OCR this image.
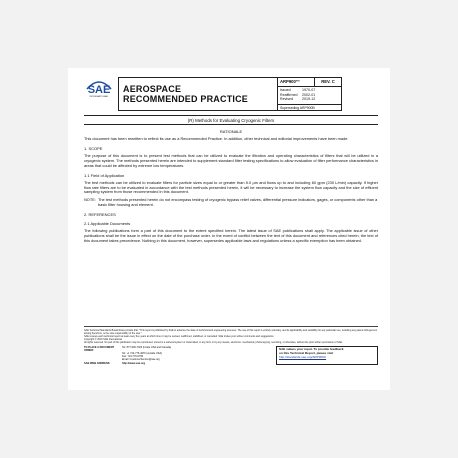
SAE
INTERNATIONAL
AEROSPACE
RECOMMENDED PRACTICE
ARP900™	REV. C
Issued	1970-07
Reaffirmed	2002-01
Revised	2019-12
Superseding ARP900B
(R) Methods for Evaluating Cryogenic Filters
RATIONALE

This document has been rewritten to reflect its use as a Recommended Practice. In addition, other technical and editorial improvements have been made.

1. SCOPE

The purpose of this document is to present test methods that can be utilized to evaluate the filtration and operating characteristics of filters that will be utilized in a cryogenic system. The methods presented herein are intended to supplement standard filter testing specifications to allow evaluation of filter performance characteristics in areas that could be affected by extreme low temperatures.

1.1 Field of Application

The test methods can be utilized to evaluate filters for particle sizes equal to or greater than 5.0 µm and flows up to and including 60 gpm (230 L/min) capacity. If higher flow rate filters are to be evaluated in accordance with the test methods presented herein, it will be necessary to increase the system flow capacity and the size of effluent sampling system from those recommended in this document.

NOTE: The test methods presented herein do not encompass testing of cryogenic bypass relief valves, differential pressure indicators, gages, or components other than a basic filter housing and element.
2. REFERENCES
2.1 Applicable Documents

The following publications form a part of this document to the extent specified herein. The latest issue of SAE publications shall apply. The applicable issue of other publications shall be the issue in effect on the date of the purchase order. In the event of conflict between the text of this document and references cited herein, the text of this document takes precedence. Nothing in this document, however, supersedes applicable laws and regulations unless a specific exemption has been obtained.

SAE Technical Standards Board Rules provide that: "This report is published by SAE to advance the state of technical and engineering sciences. The use of this report is entirely voluntary, and its applicability and suitability for any particular use, including any patent infringement arising therefrom, is the sole responsibility of the user."
SAE reviews each technical report at least every five years at which time it may be revised, reaffirmed, stabilized, or cancelled. SAE invites your written comments and suggestions.
Copyright © 2019 SAE International
All rights reserved. No part of this publication may be reproduced, stored in a retrieval system or transmitted, in any form or by any means, electronic, mechanical, photocopying, recording, or otherwise, without the prior written permission of SAE.
TO PLACE A DOCUMENT ORDER:
Tel: 877-606-7323 (inside USA and Canada)
Tel: +1 724-776-4970 (outside USA)
Fax: 724-776-0790
Email: CustomerService@sae.org
SAE WEB ADDRESS:	http://www.sae.org
SAE values your input. To provide feedback
on this Technical Report, please visit
http://standards.sae.org/ARP900C
